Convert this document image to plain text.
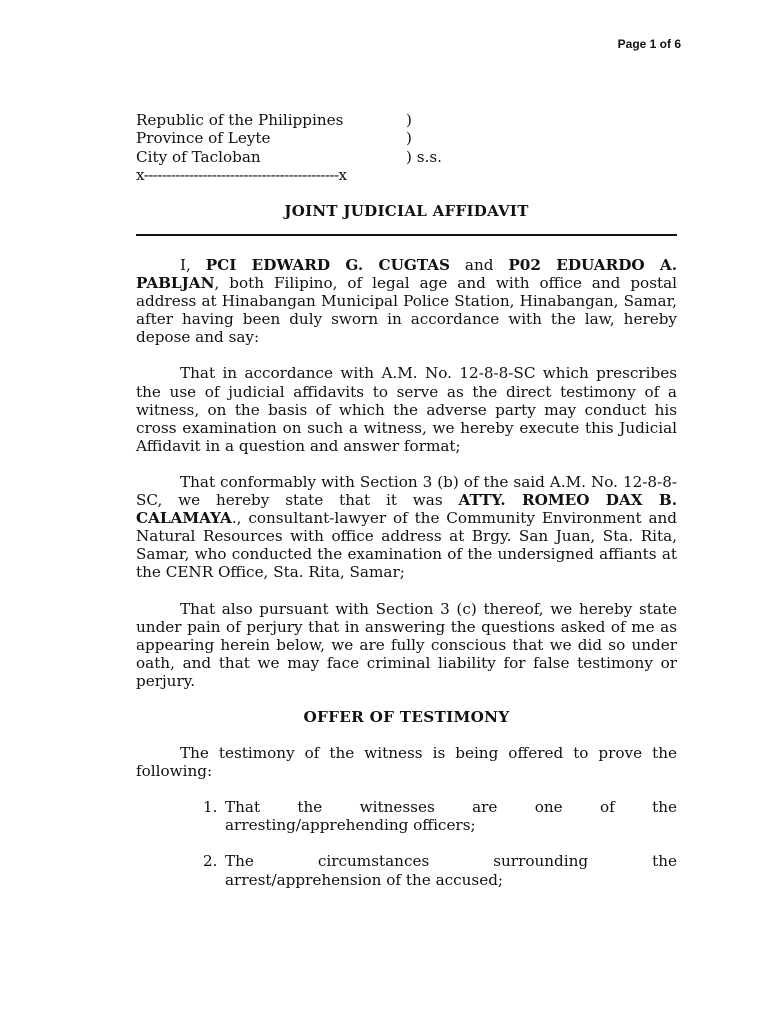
Page 1 of 6
Republic of the Philippines	)
Province of Leyte	)
City of Tacloban	) s.s.
x-------------------------------------------x
JOINT JUDICIAL AFFIDAVIT

I, PCI EDWARD G. CUGTAS and P02 EDUARDO A. PABLJAN, both Filipino, of legal age and with office and postal address at Hinabangan Municipal Police Station, Hinabangan, Samar, after having been duly sworn in accordance with the law, hereby depose and say:

That in accordance with A.M. No. 12-8-8-SC which prescribes the use of judicial affidavits to serve as the direct testimony of a witness, on the basis of which the adverse party may conduct his cross examination on such a witness, we hereby execute this Judicial Affidavit in a question and answer format;

That conformably with Section 3 (b) of the said A.M. No. 12-8-8-SC, we hereby state that it was ATTY. ROMEO DAX B. CALAMAYA., consultant-lawyer of the Community Environment and Natural Resources with office address at Brgy. San Juan, Sta. Rita, Samar, who conducted the examination of the undersigned affiants at the CENR Office, Sta. Rita, Samar;

That also pursuant with Section 3 (c) thereof, we hereby state under pain of perjury that in answering the questions asked of me as appearing herein below, we are fully conscious that we did so under oath, and that we may face criminal liability for false testimony or perjury.

OFFER OF TESTIMONY

The testimony of the witness is being offered to prove the following:

1. That the witnesses are one of the
arresting/apprehending officers;
2. The circumstances surrounding the
arrest/apprehension of the accused;
